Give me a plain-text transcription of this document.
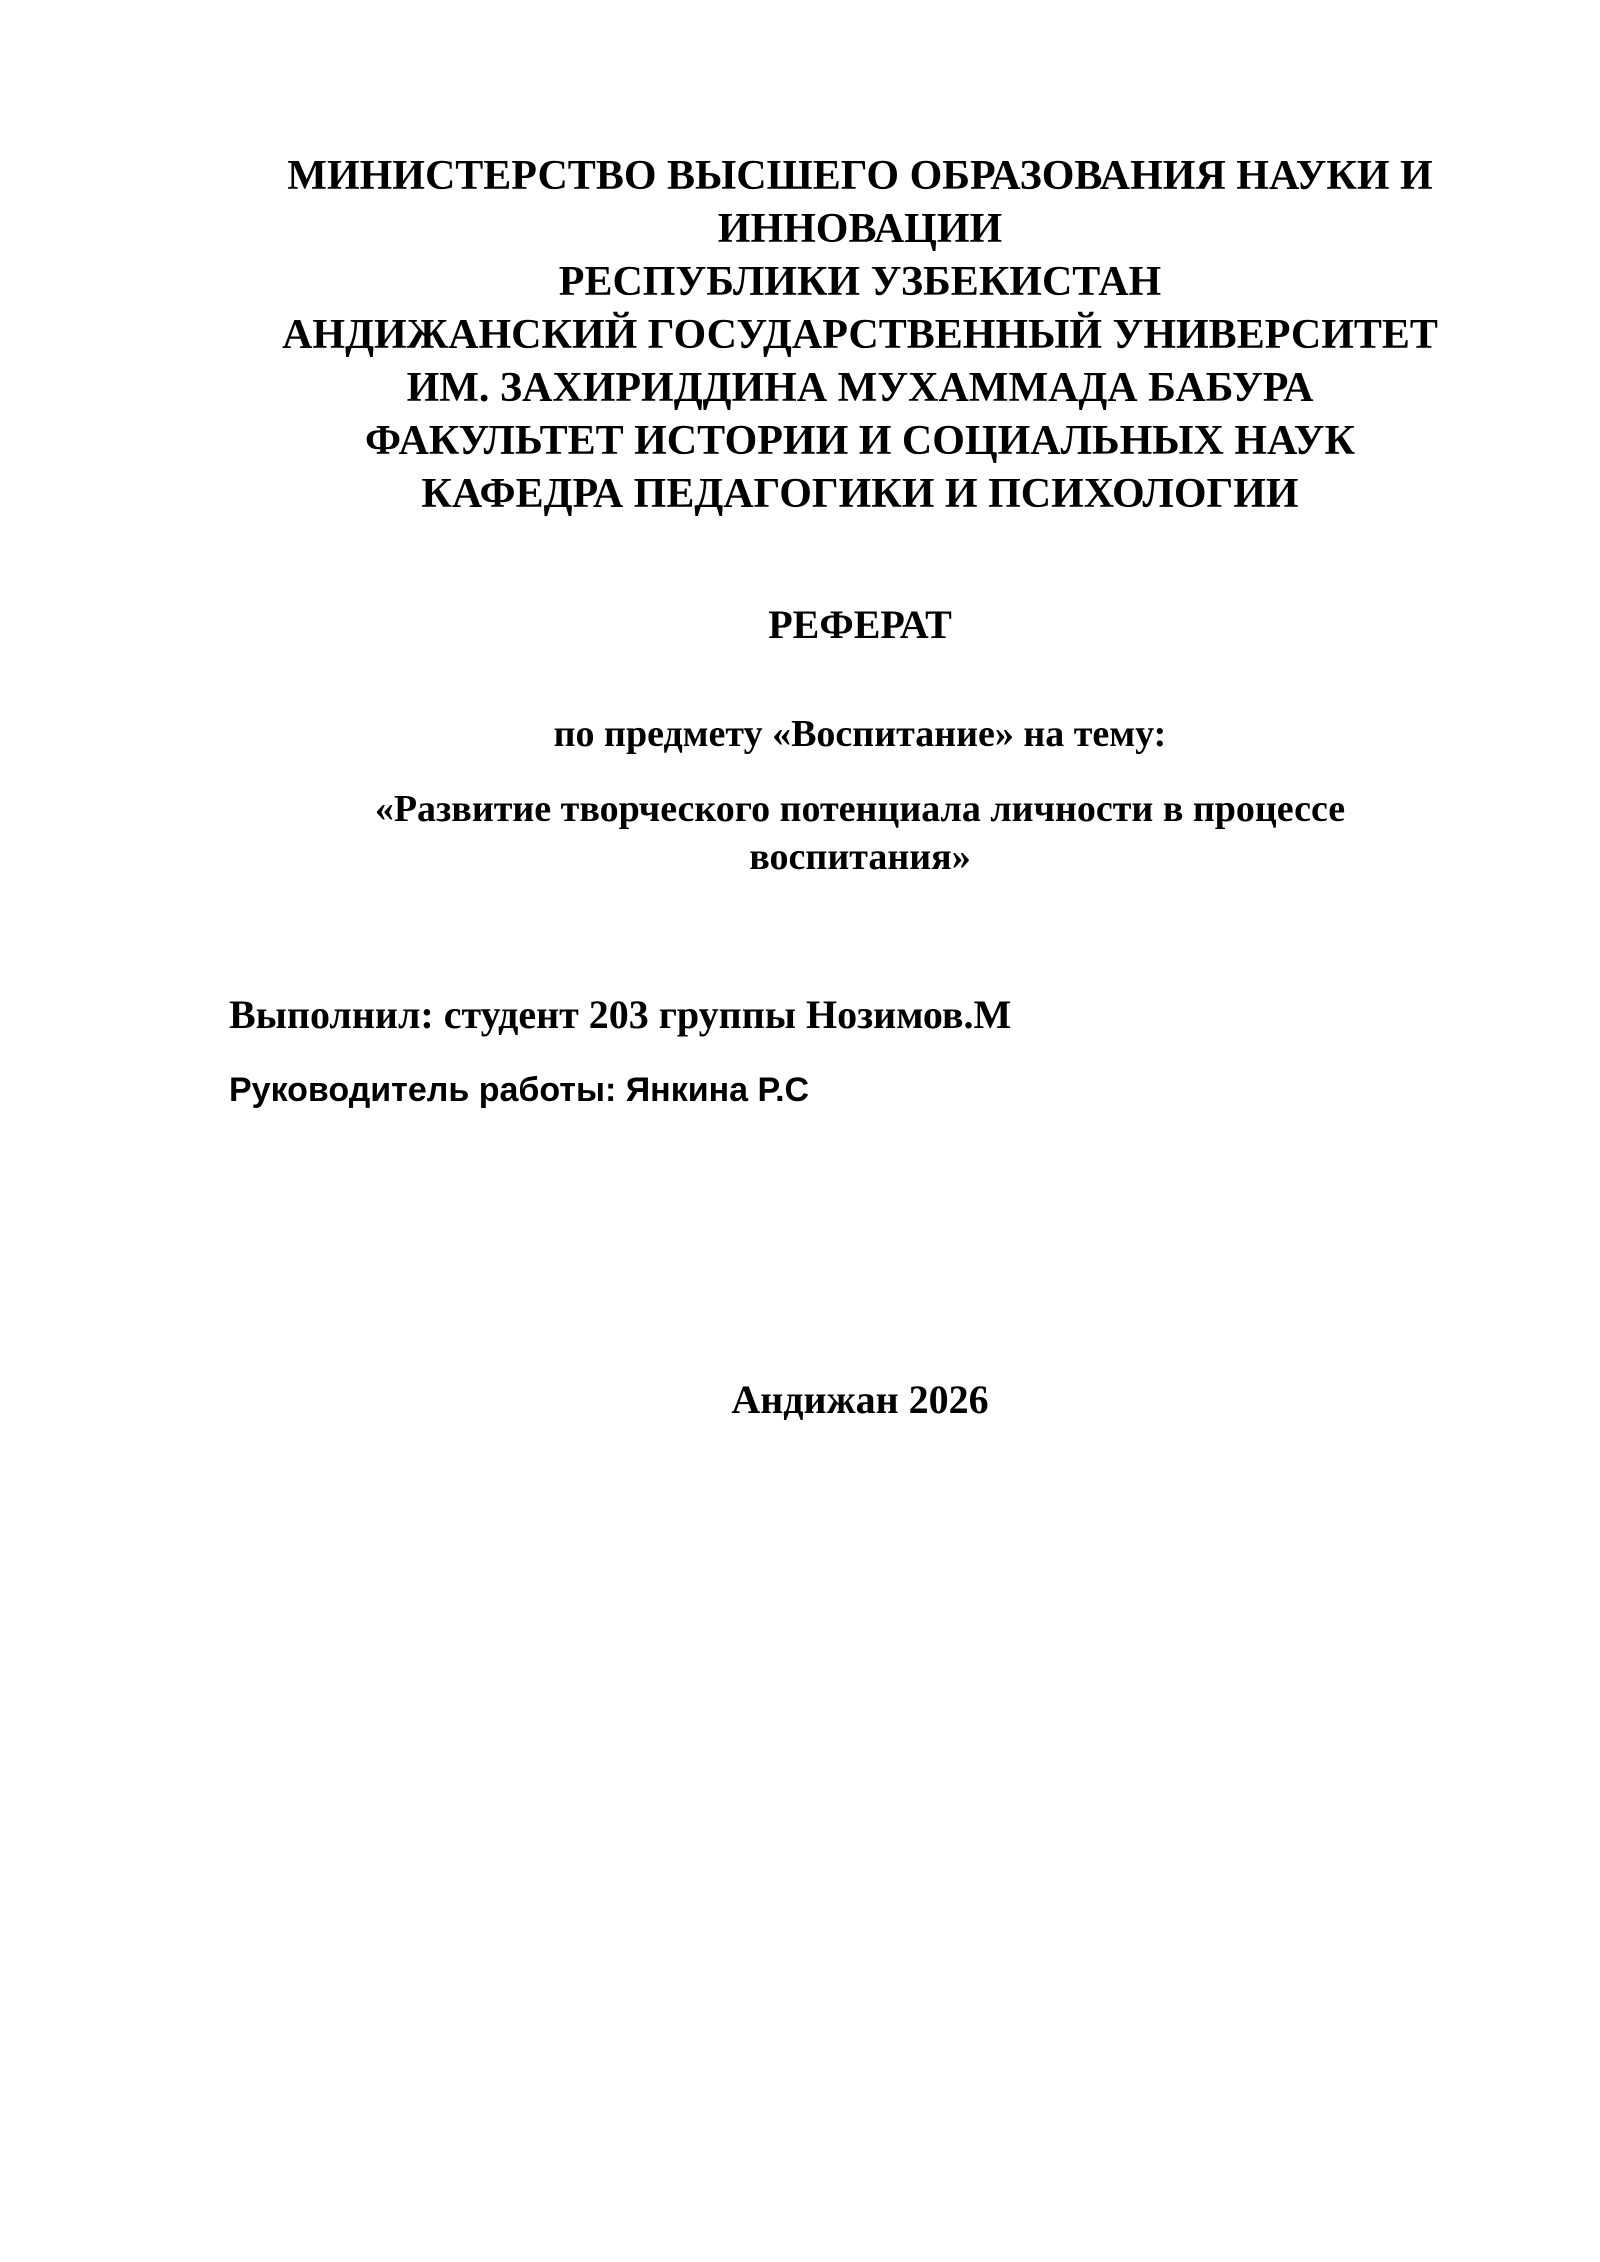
МИНИСТЕРСТВО ВЫСШЕГО ОБРАЗОВАНИЯ НАУКИ И
ИННОВАЦИИ
РЕСПУБЛИКИ УЗБЕКИСТАН
АНДИЖАНСКИЙ ГОСУДАРСТВЕННЫЙ УНИВЕРСИТЕТ
ИМ. ЗАХИРИДДИНА МУХАММАДА БАБУРА
ФАКУЛЬТЕТ ИСТОРИИ И СОЦИАЛЬНЫХ НАУК
КАФЕДРА ПЕДАГОГИКИ И ПСИХОЛОГИИ
РЕФЕРАТ
по предмету «Воспитание» на тему:
«Развитие творческого потенциала личности в процессе
воспитания»
Выполнил: студент 203 группы Нозимов.М
Руководитель работы: Янкина Р.С
Андижан 2026
